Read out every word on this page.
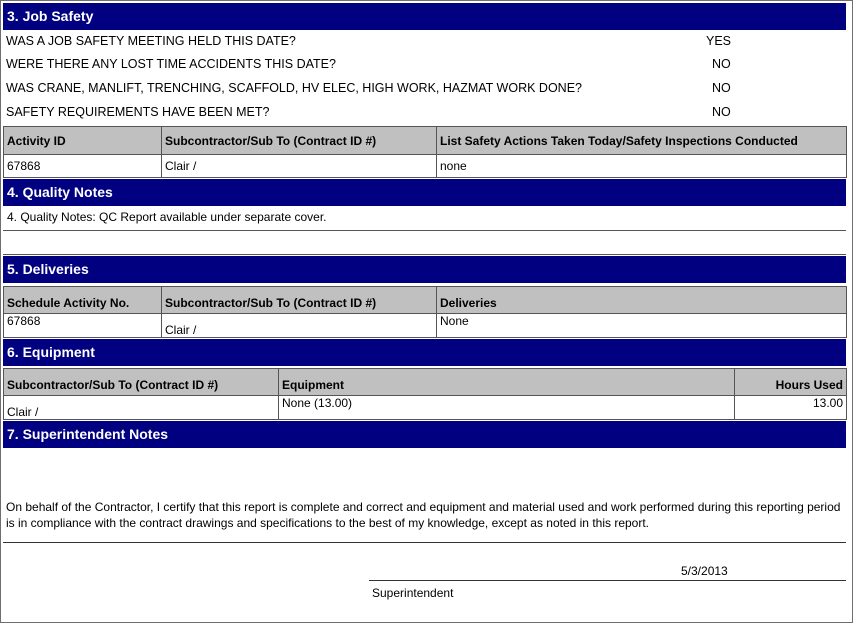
3. Job Safety
WAS A JOB SAFETY MEETING HELD THIS DATE?	YES
WERE THERE ANY LOST TIME ACCIDENTS THIS DATE?	NO
WAS CRANE, MANLIFT, TRENCHING, SCAFFOLD, HV ELEC, HIGH WORK, HAZMAT WORK DONE?	NO
SAFETY REQUIREMENTS HAVE BEEN MET?	NO
Activity ID	Subcontractor/Sub To (Contract ID #)	List Safety Actions Taken Today/Safety Inspections Conducted
67868	Clair /	none
4. Quality Notes
4. Quality Notes: QC Report available under separate cover.
5. Deliveries
Schedule Activity No.	Subcontractor/Sub To (Contract ID #)	Deliveries
67868	Clair /	None
6. Equipment
Subcontractor/Sub To (Contract ID #)	Equipment	Hours Used
Clair /	None (13.00)	13.00
7. Superintendent Notes
On behalf of the Contractor, I certify that this report is complete and correct and equipment and material used and work performed during this reporting period is in compliance with the contract drawings and specifications to the best of my knowledge, except as noted in this report.
5/3/2013
Superintendent
